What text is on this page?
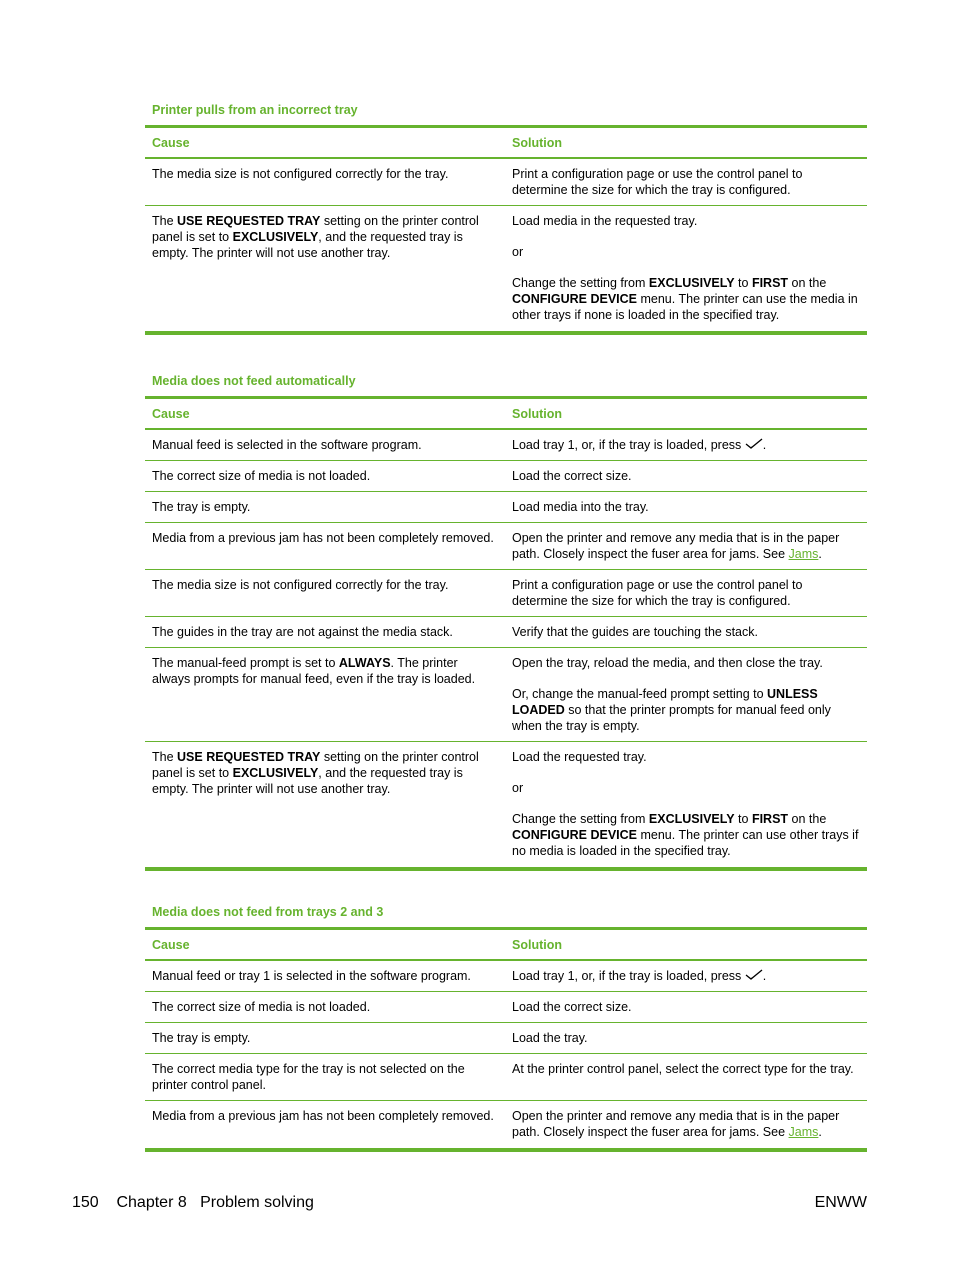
Printer pulls from an incorrect tray
Cause	Solution

The media size is not configured correctly for the tray.	Print a configuration page or use the control panel to determine the size for which the tray is configured.

The USE REQUESTED TRAY setting on the printer control panel is set to EXCLUSIVELY, and the requested tray is empty. The printer will not use another tray.	Load media in the requested tray.
or
Change the setting from EXCLUSIVELY to FIRST on the CONFIGURE DEVICE menu. The printer can use the media in other trays if none is loaded in the specified tray.
Media does not feed automatically
Cause	Solution

Manual feed is selected in the software program.	Load tray 1, or, if the tray is loaded, press .

The correct size of media is not loaded.	Load the correct size.

The tray is empty.	Load media into the tray.

Media from a previous jam has not been completely removed.	Open the printer and remove any media that is in the paper path. Closely inspect the fuser area for jams. See Jams.

The media size is not configured correctly for the tray.	Print a configuration page or use the control panel to determine the size for which the tray is configured.

The guides in the tray are not against the media stack.	Verify that the guides are touching the stack.

The manual-feed prompt is set to ALWAYS. The printer always prompts for manual feed, even if the tray is loaded.	Open the tray, reload the media, and then close the tray.
Or, change the manual-feed prompt setting to UNLESS LOADED so that the printer prompts for manual feed only when the tray is empty.

The USE REQUESTED TRAY setting on the printer control panel is set to EXCLUSIVELY, and the requested tray is empty. The printer will not use another tray.	Load the requested tray.
or
Change the setting from EXCLUSIVELY to FIRST on the CONFIGURE DEVICE menu. The printer can use other trays if no media is loaded in the specified tray.
Media does not feed from trays 2 and 3
Cause	Solution

Manual feed or tray 1 is selected in the software program.	Load tray 1, or, if the tray is loaded, press .

The correct size of media is not loaded.	Load the correct size.

The tray is empty.	Load the tray.

The correct media type for the tray is not selected on the printer control panel.	At the printer control panel, select the correct type for the tray.

Media from a previous jam has not been completely removed.	Open the printer and remove any media that is in the paper path. Closely inspect the fuser area for jams. See Jams.
150    Chapter 8   Problem solving	ENWW
